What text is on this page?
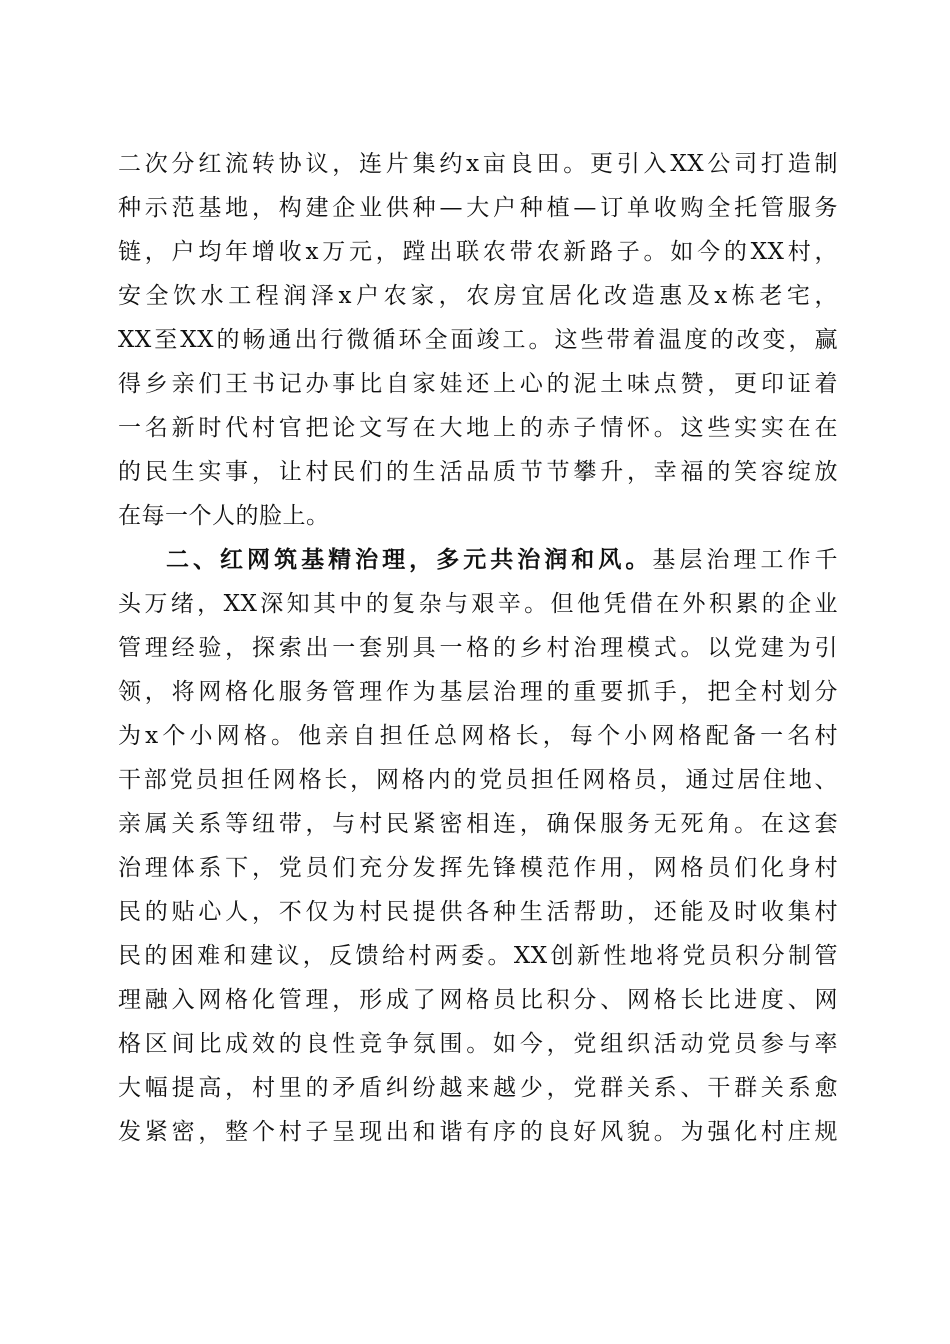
二次分红流转协议，连片集约x亩良田。更引入XX公司打造制
种示范基地，构建企业供种—大户种植—订单收购全托管服务
链，户均年增收x万元，蹚出联农带农新路子。如今的XX村，
安全饮水工程润泽x户农家，农房宜居化改造惠及x栋老宅，
XX至XX的畅通出行微循环全面竣工。这些带着温度的改变，赢
得乡亲们王书记办事比自家娃还上心的泥土味点赞，更印证着
一名新时代村官把论文写在大地上的赤子情怀。这些实实在在
的民生实事，让村民们的生活品质节节攀升，幸福的笑容绽放
在每一个人的脸上。
二、红网筑基精治理，多元共治润和风。基层治理工作千
头万绪，XX深知其中的复杂与艰辛。但他凭借在外积累的企业
管理经验，探索出一套别具一格的乡村治理模式。以党建为引
领，将网格化服务管理作为基层治理的重要抓手，把全村划分
为x个小网格。他亲自担任总网格长，每个小网格配备一名村
干部党员担任网格长，网格内的党员担任网格员，通过居住地、
亲属关系等纽带，与村民紧密相连，确保服务无死角。在这套
治理体系下，党员们充分发挥先锋模范作用，网格员们化身村
民的贴心人，不仅为村民提供各种生活帮助，还能及时收集村
民的困难和建议，反馈给村两委。XX创新性地将党员积分制管
理融入网格化管理，形成了网格员比积分、网格长比进度、网
格区间比成效的良性竞争氛围。如今，党组织活动党员参与率
大幅提高，村里的矛盾纠纷越来越少，党群关系、干群关系愈
发紧密，整个村子呈现出和谐有序的良好风貌。为强化村庄规
